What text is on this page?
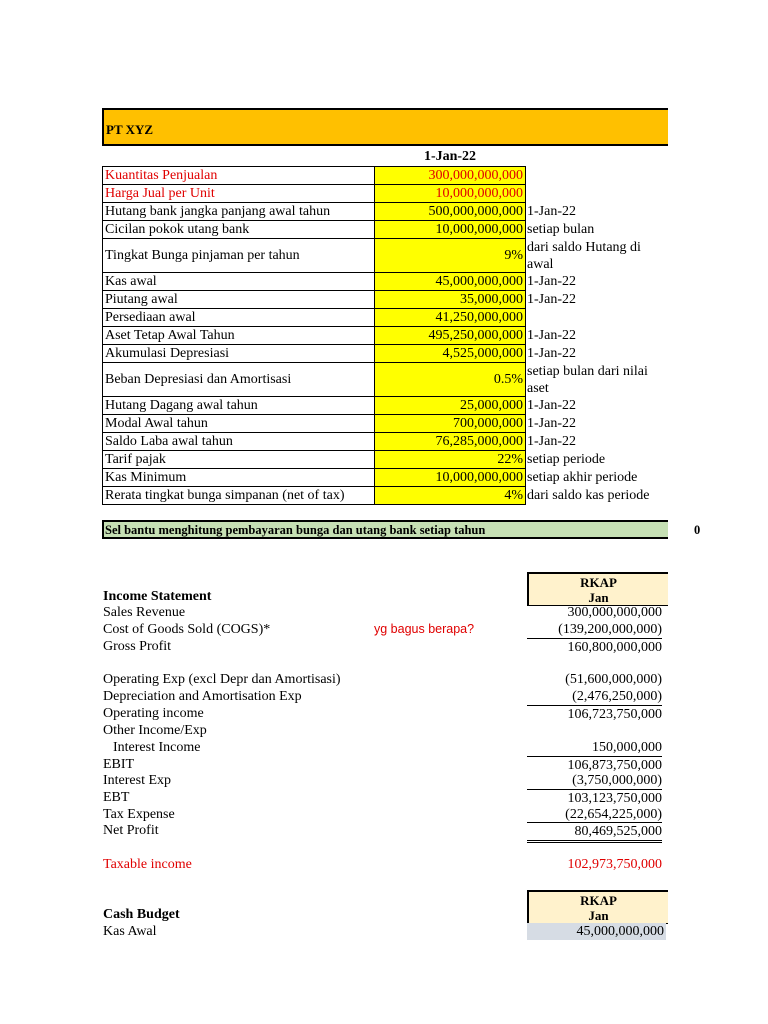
PT XYZ
1-Jan-22
Kuantitas Penjualan	300,000,000,000	
Harga Jual per Unit	10,000,000,000	
Hutang bank jangka panjang awal tahun	500,000,000,000	1-Jan-22
Cicilan pokok utang bank	10,000,000,000	setiap bulan
Tingkat Bunga pinjaman per tahun	9%	dari saldo Hutang di awal
Kas awal	45,000,000,000	1-Jan-22
Piutang awal	35,000,000	1-Jan-22
Persediaan awal	41,250,000,000	
Aset Tetap Awal Tahun	495,250,000,000	1-Jan-22
Akumulasi Depresiasi	4,525,000,000	1-Jan-22
Beban Depresiasi dan Amortisasi	0.5%	setiap bulan dari nilai aset
Hutang Dagang awal tahun	25,000,000	1-Jan-22
Modal Awal tahun	700,000,000	1-Jan-22
Saldo Laba awal tahun	76,285,000,000	1-Jan-22
Tarif pajak	22%	setiap periode
Kas Minimum	10,000,000,000	setiap akhir periode
Rerata tingkat bunga simpanan (net of tax)	4%	dari saldo kas periode
Sel bantu menghitung pembayaran bunga dan utang bank setiap tahun	0
RKAP
Jan
Income Statement
Sales Revenue	300,000,000,000
Cost of Goods Sold (COGS)*	yg bagus berapa?	(139,200,000,000)
Gross Profit	160,800,000,000
Operating Exp (excl Depr dan Amortisasi)	(51,600,000,000)
Depreciation and Amortisation Exp	(2,476,250,000)
Operating income	106,723,750,000
Other Income/Exp
Interest Income	150,000,000
EBIT	106,873,750,000
Interest Exp	(3,750,000,000)
EBT	103,123,750,000
Tax Expense	(22,654,225,000)
Net Profit	80,469,525,000
Taxable income	102,973,750,000
RKAP
Jan
Cash Budget
Kas Awal	45,000,000,000
